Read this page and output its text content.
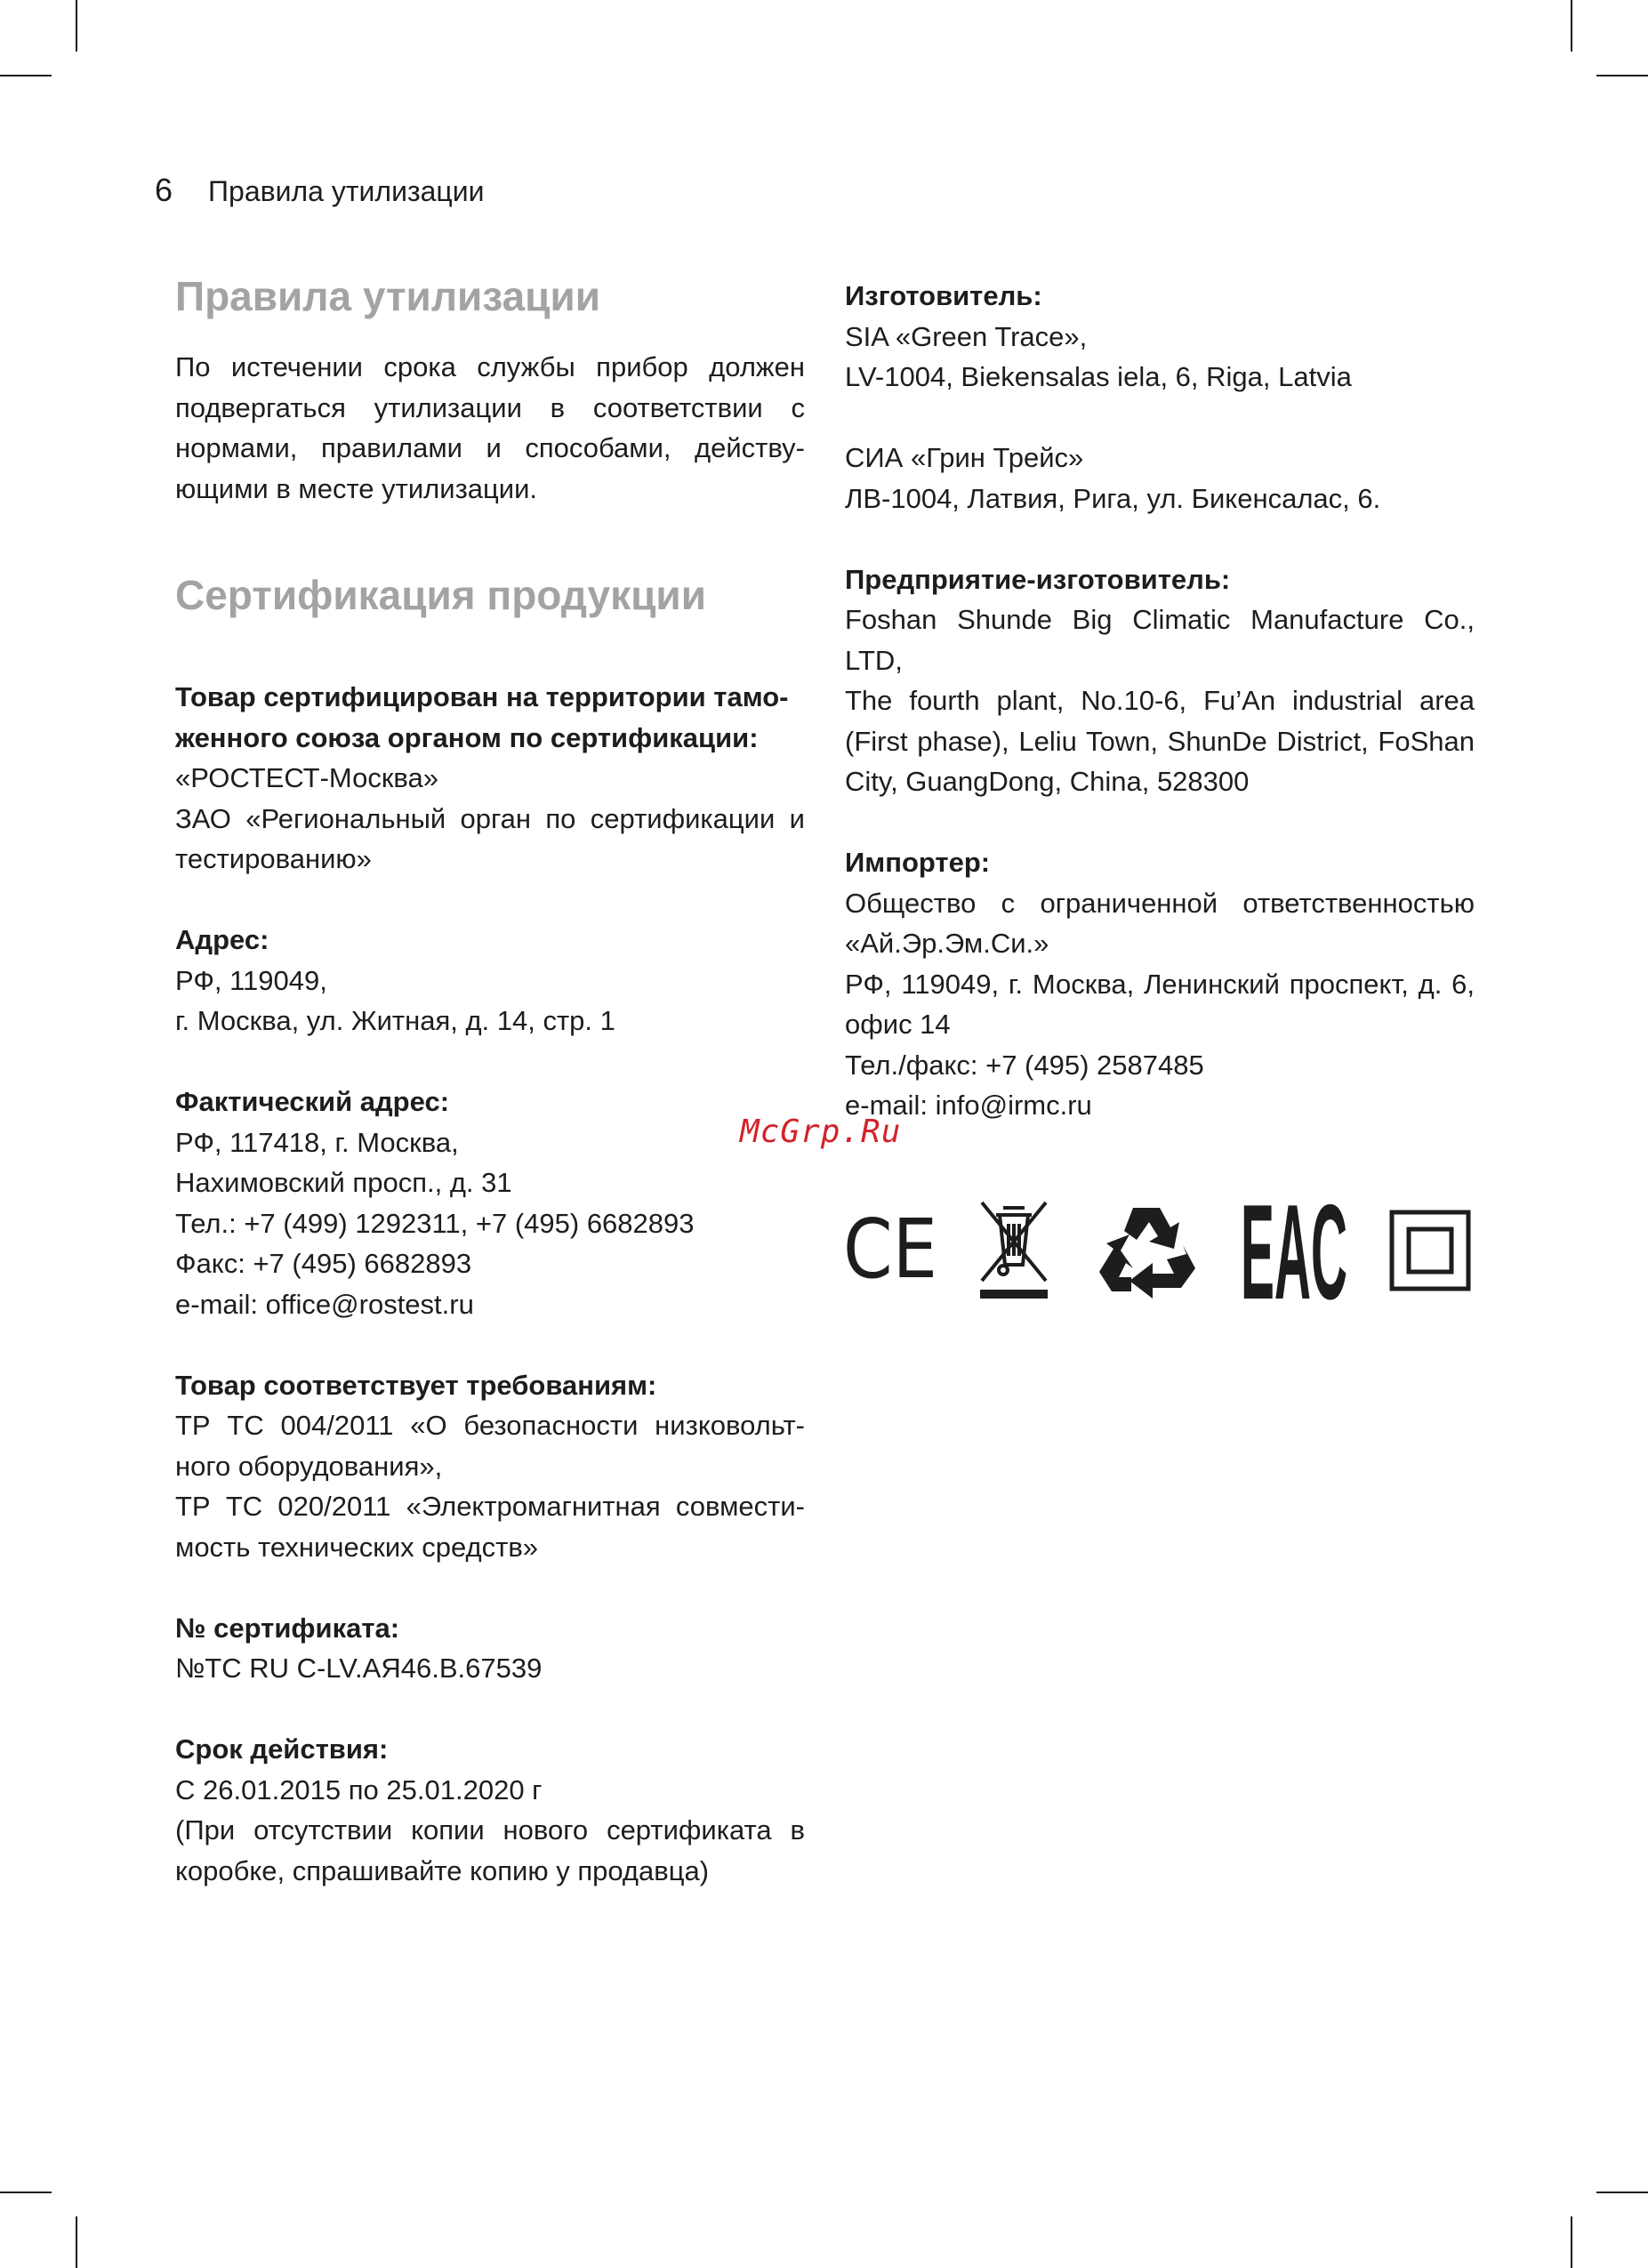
6 Правила утилизации
Правила утилизации

По истечении срока службы прибор должен подвергаться утилизации в соответствии с нормами, правилами и способами, действу-ющими в месте утилизации.

Сертификация продукции
Товар сертифицирован на территории тамо-
женного союза органом по сертификации:
«РОСТЕСТ-Москва»

ЗАО «Региональный орган по сертификации и тестированию»

Адрес:
РФ, 119049,
г. Москва, ул. Житная, д. 14, стр. 1
Фактический адрес:
РФ, 117418, г. Москва,
Нахимовский просп., д. 31
Тел.: +7 (499) 1292311, +7 (495) 6682893
Факс: +7 (495) 6682893
e-mail: office@rostest.ru
Товар соответствует требованиям:

ТР ТС 004/2011 «О безопасности низковольт-ного оборудования»,

ТР ТС 020/2011 «Электромагнитная совмести-мость технических средств»

№ сертификата:
№ТС RU C-LV.АЯ46.В.67539
Срок действия:
С 26.01.2015 по 25.01.2020 г

(При отсутствии копии нового сертификата в коробке, спрашивайте копию у продавца)

Изготовитель:
SIA «Green Trace»,
LV-1004, Biekensalas iela, 6, Riga, Latvia
СИА «Грин Трейс»
ЛВ-1004, Латвия, Рига, ул. Бикенсалас, 6.
Предприятие-изготовитель:

Foshan Shunde Big Climatic Manufacture Co., LTD,

The fourth plant, No.10-6, Fu’An industrial area (First phase), Leliu Town, ShunDe District, FoShan City, GuangDong, China, 528300

Импортер:

Общество с ограниченной ответственностью «Ай.Эр.Эм.Си.»

РФ, 119049, г. Москва, Ленинский проспект, д. 6, офис 14

Тел./факс: +7 (495) 2587485
e-mail: info@irmc.ru
McGrp.Ru
CE EAC
